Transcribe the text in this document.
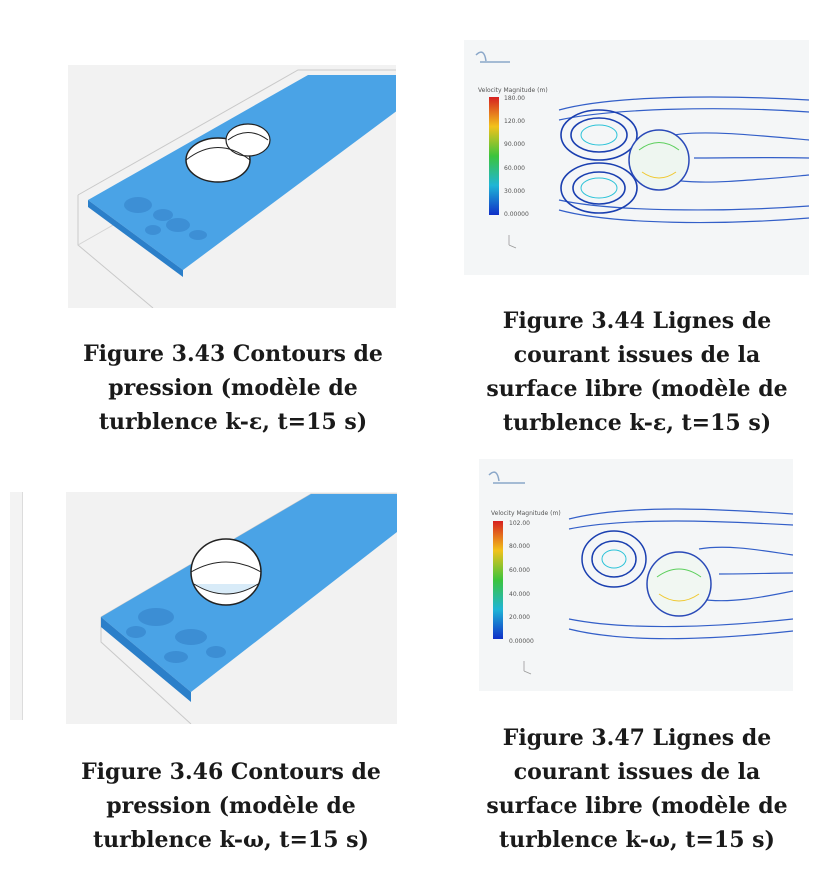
Figure 3.43 Contours de
pression (modèle de
turblence k-ε, t=15 s)
Velocity Magnitude (m)
180.00
120.00
90.000
60.000
30.000
0.00000
Figure 3.44 Lignes de
courant issues de la
surface libre (modèle de
turblence k-ε, t=15 s)
Figure 3.46 Contours de
pression (modèle de
turblence k-ω, t=15 s)
Velocity Magnitude (m)
102.00
80.000
60.000
40.000
20.000
0.00000
Figure 3.47 Lignes de
courant issues de la
surface libre (modèle de
turblence k-ω, t=15 s)
